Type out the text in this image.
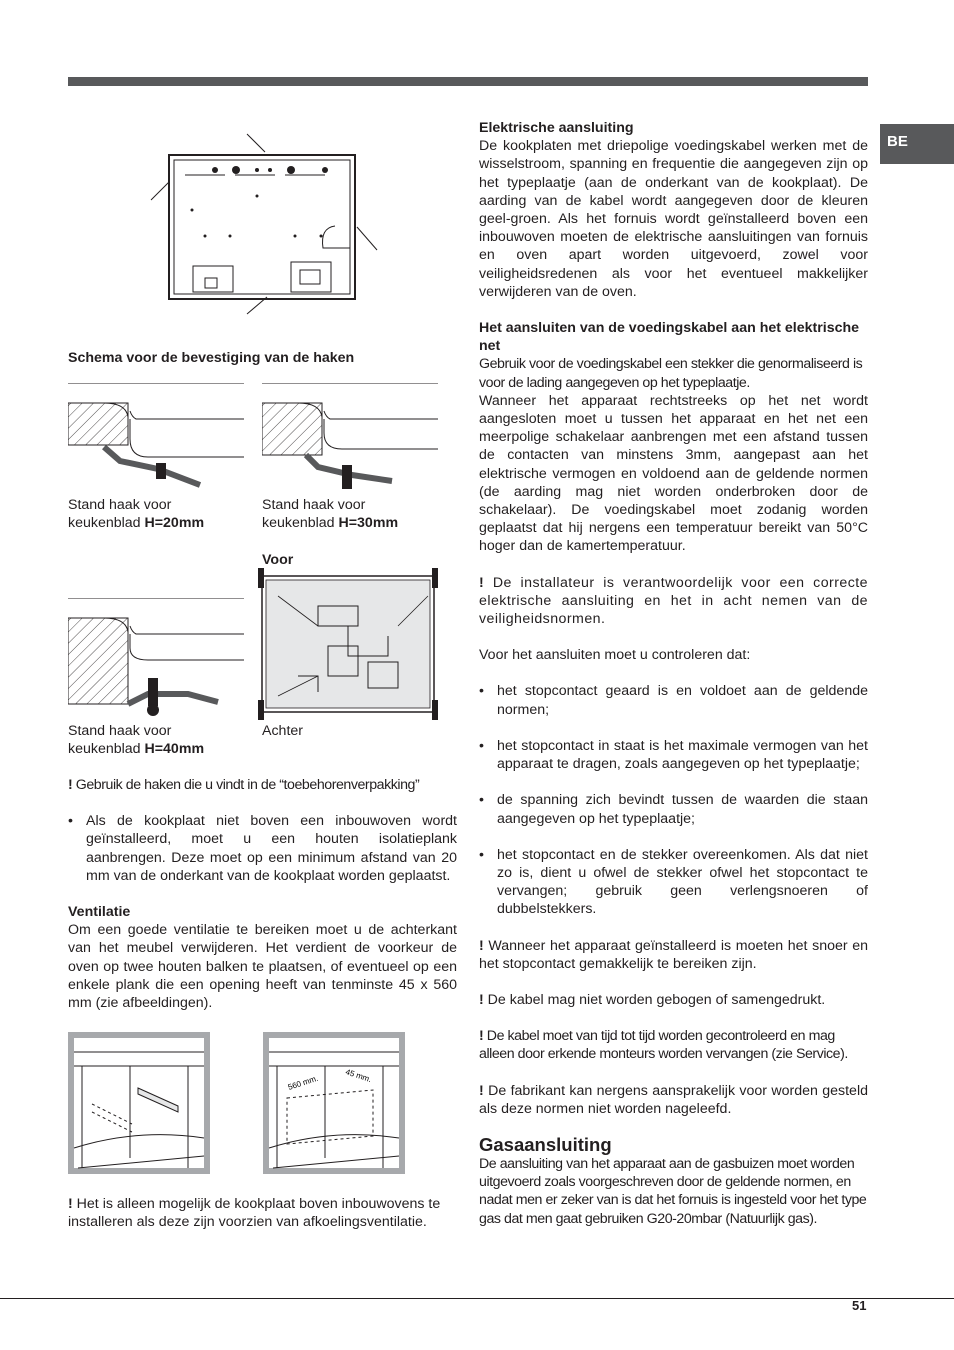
BE

Schema voor de bevestiging van de haken

Stand haak voor
keukenblad H=20mm
Stand haak voor
keukenblad H=30mm

Voor

Stand haak voor
keukenblad H=40mm

Achter

! Gebruik de haken die u vindt in de “toebehorenverpakking”

• Als de kookplaat niet boven een inbouwoven wordt geïnstalleerd, moet u een houten isolatieplank aanbrengen. Deze moet op een minimum afstand van 20 mm van de onderkant van de kookplaat worden geplaatst.

Ventilatie

Om een goede ventilatie te bereiken moet u de achterkant van het meubel verwijderen. Het verdient de voorkeur de oven op twee houten balken te plaatsen, of eventueel op een enkele plank die een opening heeft van tenminste 45 x 560 mm (zie afbeeldingen).

560 mm.	45 mm.

! Het is alleen mogelijk de kookplaat boven inbouwovens te installeren als deze zijn voorzien van afkoelingsventilatie.

Elektrische aansluiting

De kookplaten met driepolige voedingskabel werken met de wisselstroom, spanning en frequentie die aangegeven zijn op het typeplaatje (aan de onderkant van de kookplaat). De aarding van de kabel wordt aangegeven door de kleuren geel-groen. Als het fornuis wordt geïnstalleerd boven een inbouwoven moeten de elektrische aansluitingen van fornuis en oven apart worden uitgevoerd, zowel voor veiligheidsredenen als voor het eventueel makkelijker verwijderen van de oven.

Het aansluiten van de voedingskabel aan het elektrische net

Gebruik voor de voedingskabel een stekker die genormaliseerd is voor de lading aangegeven op het typeplaatje.

Wanneer het apparaat rechtstreeks op het net wordt aangesloten moet u tussen het apparaat en het net een meerpolige schakelaar aanbrengen met een afstand tussen de contacten van minstens 3mm, aangepast aan het elektrische vermogen en voldoend aan de geldende normen (de aarding mag niet worden onderbroken door de schakelaar). De voedingskabel moet zodanig worden geplaatst dat hij nergens een temperatuur bereikt van 50°C hoger dan de kamertemperatuur.

! De installateur is verantwoordelijk voor een correcte elektrische aansluiting en het in acht nemen van de veiligheidsnormen.

Voor het aansluiten moet u controleren dat:

• het stopcontact geaard is en voldoet aan de geldende normen;
• het stopcontact in staat is het maximale vermogen van het apparaat te dragen, zoals aangegeven op het typeplaatje;
• de spanning zich bevindt tussen de waarden die staan aangegeven op het typeplaatje;
• het stopcontact en de stekker overeenkomen. Als dat niet zo is, dient u ofwel de stekker ofwel het stopcontact te vervangen; gebruik geen verlengsnoeren of dubbelstekkers.

! Wanneer het apparaat geïnstalleerd is moeten het snoer en het stopcontact gemakkelijk te bereiken zijn.

! De kabel mag niet worden gebogen of samengedrukt.

! De kabel moet van tijd tot tijd worden gecontroleerd en mag alleen door erkende monteurs worden vervangen (zie Service).

! De fabrikant kan nergens aansprakelijk voor worden gesteld als deze normen niet worden nageleefd.

Gasaansluiting

De aansluiting van het apparaat aan de gasbuizen moet worden uitgevoerd zoals voorgeschreven door de geldende normen, en nadat men er zeker van is dat het fornuis is ingesteld voor het type gas dat men gaat gebruiken G20-20mbar (Natuurlijk gas).

51
